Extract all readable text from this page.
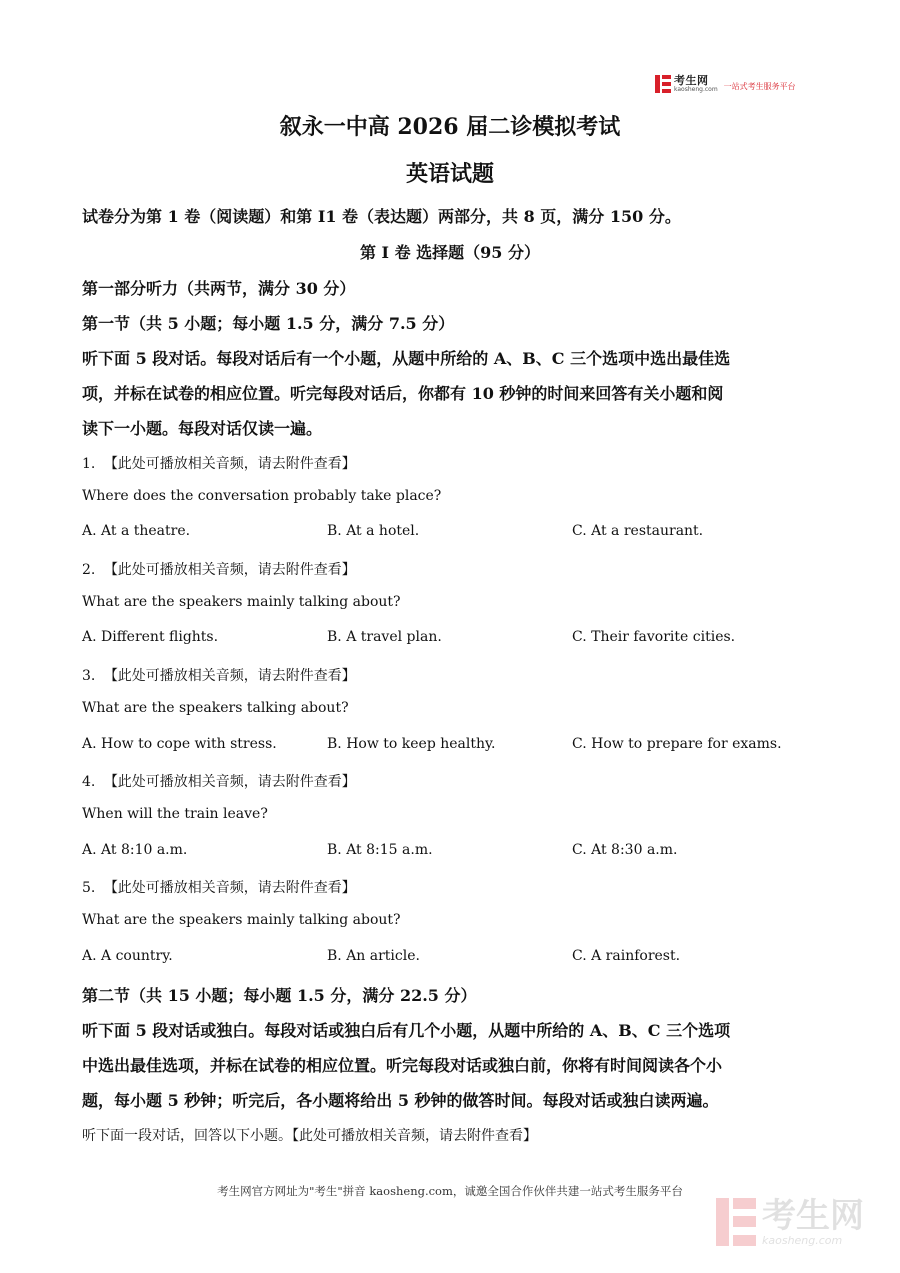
考生网
kaosheng.com 一站式考生服务平台
叙永一中高 2026 届二诊模拟考试
英语试题
试卷分为第 1 卷（阅读题）和第 I1 卷（表达题）两部分，共 8 页，满分 150 分。
第 I 卷 选择题（95 分）
第一部分听力（共两节，满分 30 分）
第一节（共 5 小题；每小题 1.5 分，满分 7.5 分）
听下面 5 段对话。每段对话后有一个小题，从题中所给的 A、B、C 三个选项中选出最佳选
项，并标在试卷的相应位置。听完每段对话后，你都有 10 秒钟的时间来回答有关小题和阅
读下一小题。每段对话仅读一遍。
1. 【此处可播放相关音频，请去附件查看】
Where does the conversation probably take place?
A. At a theatre.	B. At a hotel.	C. At a restaurant.
2. 【此处可播放相关音频，请去附件查看】
What are the speakers mainly talking about?
A. Different flights.	B. A travel plan.	C. Their favorite cities.
3. 【此处可播放相关音频，请去附件查看】
What are the speakers talking about?
A. How to cope with stress.	B. How to keep healthy.	C. How to prepare for exams.
4. 【此处可播放相关音频，请去附件查看】
When will the train leave?
A. At 8:10 a.m.	B. At 8:15 a.m.	C. At 8:30 a.m.
5. 【此处可播放相关音频，请去附件查看】
What are the speakers mainly talking about?
A. A country.	B. An article.	C. A rainforest.
第二节（共 15 小题；每小题 1.5 分，满分 22.5 分）
听下面 5 段对话或独白。每段对话或独白后有几个小题，从题中所给的 A、B、C 三个选项
中选出最佳选项，并标在试卷的相应位置。听完每段对话或独白前，你将有时间阅读各个小
题，每小题 5 秒钟；听完后，各小题将给出 5 秒钟的做答时间。每段对话或独白读两遍。
听下面一段对话，回答以下小题。【此处可播放相关音频，请去附件查看】
考生网官方网址为"考生"拼音 kaosheng.com，诚邀全国合作伙伴共建一站式考生服务平台
考生网
kaosheng.com
